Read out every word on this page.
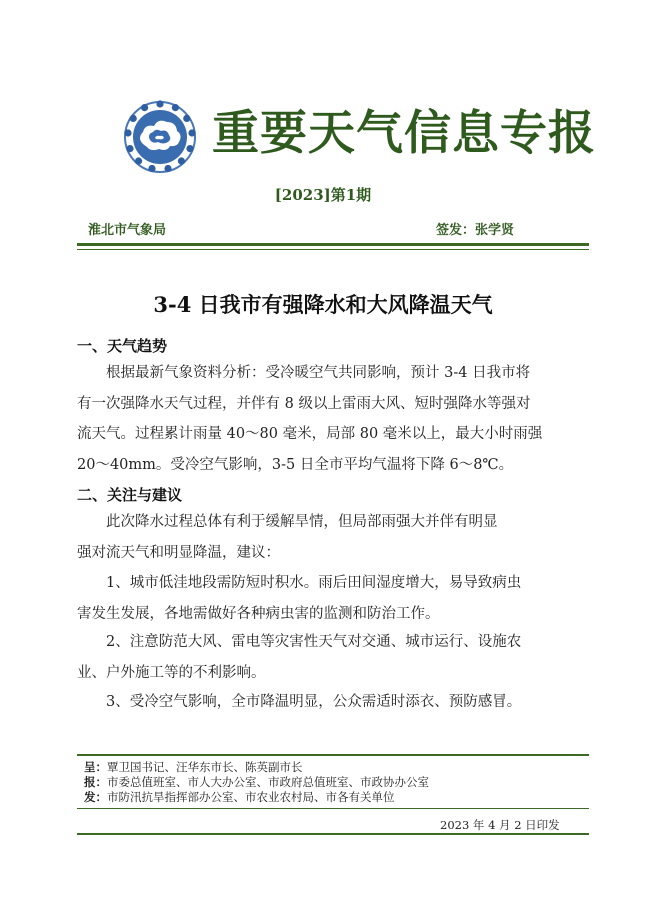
重要天气信息专报
[2023]第1期
淮北市气象局	签发：张学贤
3-4 日我市有强降水和大风降温天气
一、天气趋势
根据最新气象资料分析：受冷暖空气共同影响，预计 3-4 日我市将
有一次强降水天气过程，并伴有 8 级以上雷雨大风、短时强降水等强对
流天气。过程累计雨量 40～80 毫米，局部 80 毫米以上，最大小时雨强
20～40mm。受冷空气影响，3-5 日全市平均气温将下降 6～8℃。
二、关注与建议
此次降水过程总体有利于缓解旱情，但局部雨强大并伴有明显
强对流天气和明显降温，建议：
1、城市低洼地段需防短时积水。雨后田间湿度增大，易导致病虫
害发生发展，各地需做好各种病虫害的监测和防治工作。
2、注意防范大风、雷电等灾害性天气对交通、城市运行、设施农
业、户外施工等的不利影响。
3、受冷空气影响，全市降温明显，公众需适时添衣、预防感冒。
呈：覃卫国书记、汪华东市长、陈英副市长
报：市委总值班室、市人大办公室、市政府总值班室、市政协办公室
发：市防汛抗旱指挥部办公室、市农业农村局、市各有关单位
2023 年 4 月 2 日印发
